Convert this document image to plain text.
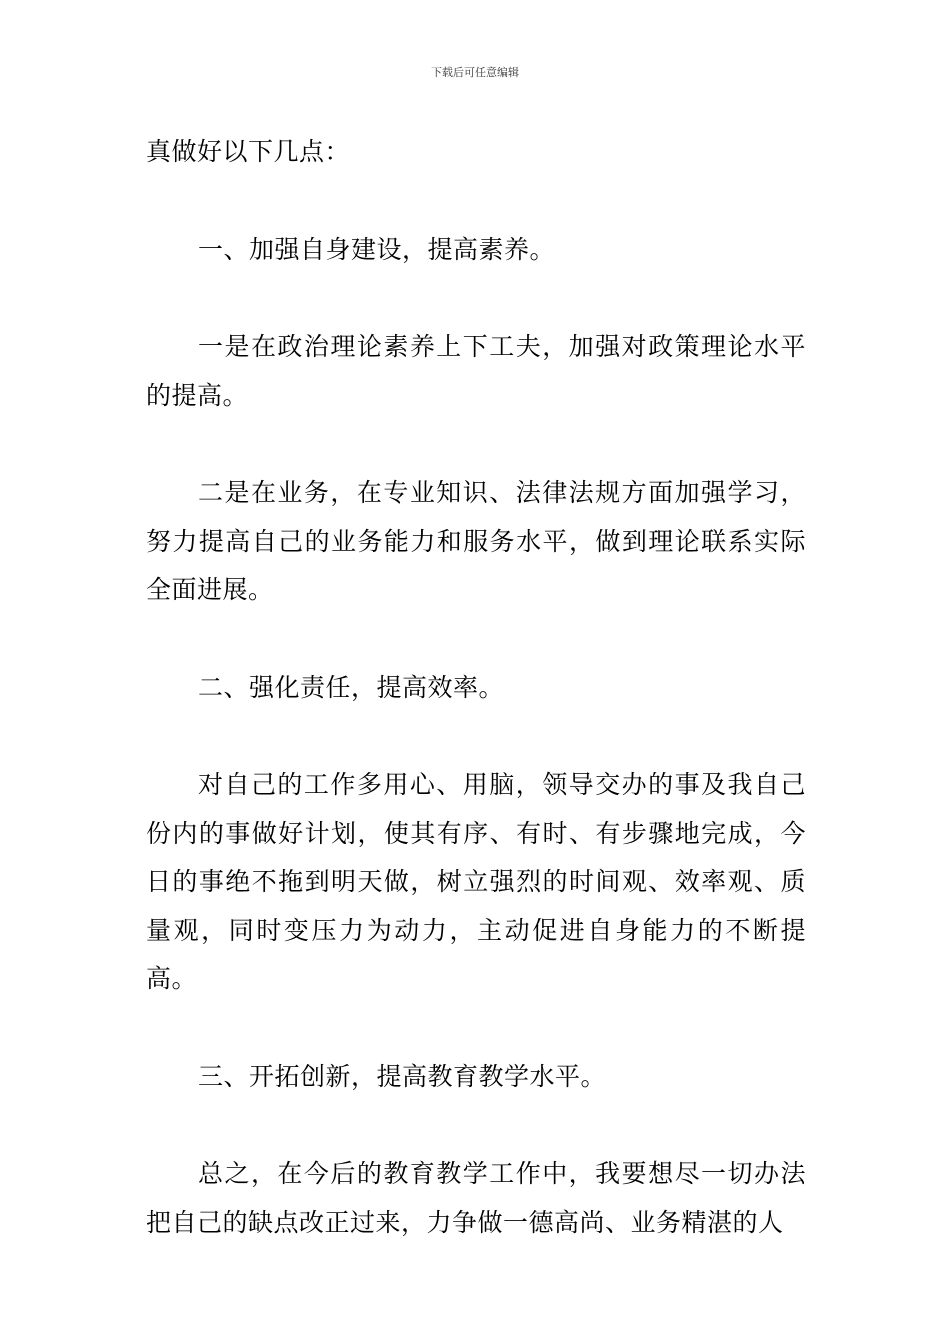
下载后可任意编辑

真做好以下几点：

一、加强自身建设，提高素养。

一是在政治理论素养上下工夫，加强对政策理论水平的提高。

二是在业务，在专业知识、法律法规方面加强学习，努力提高自己的业务能力和服务水平，做到理论联系实际全面进展。

二、强化责任，提高效率。

对自己的工作多用心、用脑，领导交办的事及我自己份内的事做好计划，使其有序、有时、有步骤地完成，今日的事绝不拖到明天做，树立强烈的时间观、效率观、质量观，同时变压力为动力，主动促进自身能力的不断提高。

三、开拓创新，提高教育教学水平。

总之，在今后的教育教学工作中，我要想尽一切办法把自己的缺点改正过来，力争做一德高尚、业务精湛的人
